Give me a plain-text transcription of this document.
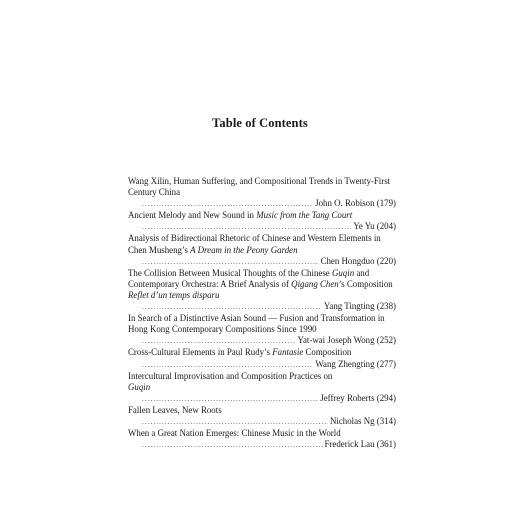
Table of Contents
Wang Xilin, Human Suffering, and Compositional Trends in Twenty-First
Century China
.....
John O. Robison (179)
Ancient Melody and New Sound in Music from the Tang Court
.....
Ye Yu (204)
Analysis of Bidirectional Rhetoric of Chinese and Western Elements in
Chen Musheng’s A Dream in the Peony Garden
.....
Chen Hongduo (220)
The Collision Between Musical Thoughts of the Chinese Guqin and
Contemporary Orchestra: A Brief Analysis of Qigang Chen’s Composition
Reflet d’un temps disparu
.....
Yang Tingting (238)
In Search of a Distinctive Asian Sound — Fusion and Transformation in
Hong Kong Contemporary Compositions Since 1990
.....
Yat-wai Joseph Wong (252)
Cross-Cultural Elements in Paul Rudy’s Fantasie Composition
.....
Wang Zhengting (277)
Intercultural Improvisation and Composition Practices on
Guqin
.....
Jeffrey Roberts (294)
Fallen Leaves, New Roots
.....
Nicholas Ng (314)
When a Great Nation Emerges: Chinese Music in the World
.....
Frederick Lau (361)
